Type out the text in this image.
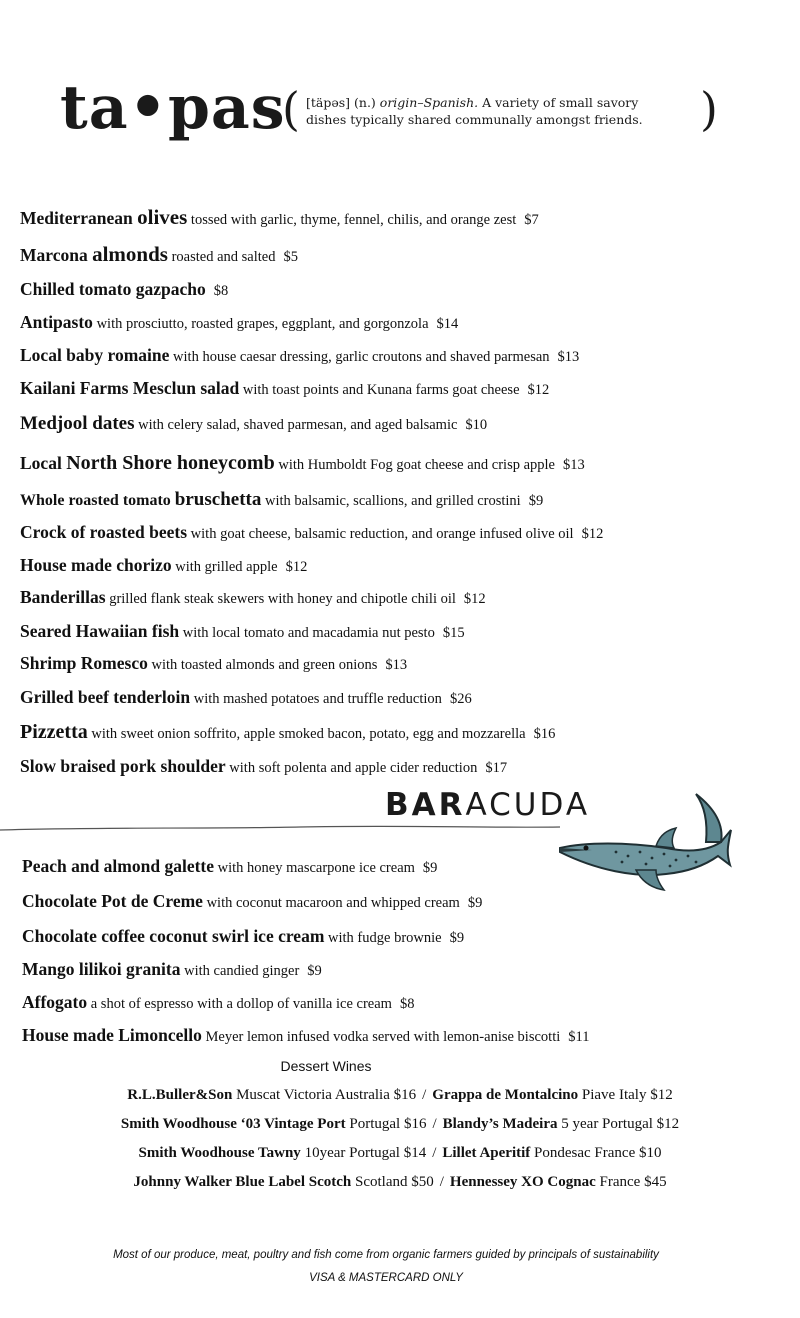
ta•pas
( [täpəs] (n.) origin–Spanish. A variety of small savory
dishes typically shared communally amongst friends.	)
Mediterranean olives tossed with garlic, thyme, fennel, chilis, and orange zest $7
Marcona almonds roasted and salted $5
Chilled tomato gazpacho $8
Antipasto with prosciutto, roasted grapes, eggplant, and gorgonzola $14
Local baby romaine with house caesar dressing, garlic croutons and shaved parmesan $13
Kailani Farms Mesclun salad with toast points and Kunana farms goat cheese $12
Medjool dates with celery salad, shaved parmesan, and aged balsamic $10
Local North Shore honeycomb with Humboldt Fog goat cheese and crisp apple $13
Whole roasted tomato bruschetta with balsamic, scallions, and grilled crostini $9
Crock of roasted beets with goat cheese, balsamic reduction, and orange infused olive oil $12
House made chorizo with grilled apple $12
Banderillas grilled flank steak skewers with honey and chipotle chili oil $12
Seared Hawaiian fish with local tomato and macadamia nut pesto $15
Shrimp Romesco with toasted almonds and green onions $13
Grilled beef tenderloin with mashed potatoes and truffle reduction $26
Pizzetta with sweet onion soffrito, apple smoked bacon, potato, egg and mozzarella $16
Slow braised pork shoulder with soft polenta and apple cider reduction $17
BARACUDA
Peach and almond galette with honey mascarpone ice cream $9
Chocolate Pot de Creme with coconut macaroon and whipped cream $9
Chocolate coffee coconut swirl ice cream with fudge brownie $9
Mango lilikoi granita with candied ginger $9
Affogato a shot of espresso with a dollop of vanilla ice cream $8
House made Limoncello Meyer lemon infused vodka served with lemon-anise biscotti $11
Dessert Wines
R.L.Buller&Son Muscat Victoria Australia $16 / Grappa de Montalcino Piave Italy $12
Smith Woodhouse ‘03 Vintage Port Portugal $16 / Blandy’s Madeira 5 year Portugal $12
Smith Woodhouse Tawny 10year Portugal $14 / Lillet Aperitif Pondesac France $10
Johnny Walker Blue Label Scotch Scotland $50 / Hennessey XO Cognac France $45
Most of our produce, meat, poultry and fish come from organic farmers guided by principals of sustainability
VISA & MASTERCARD ONLY
